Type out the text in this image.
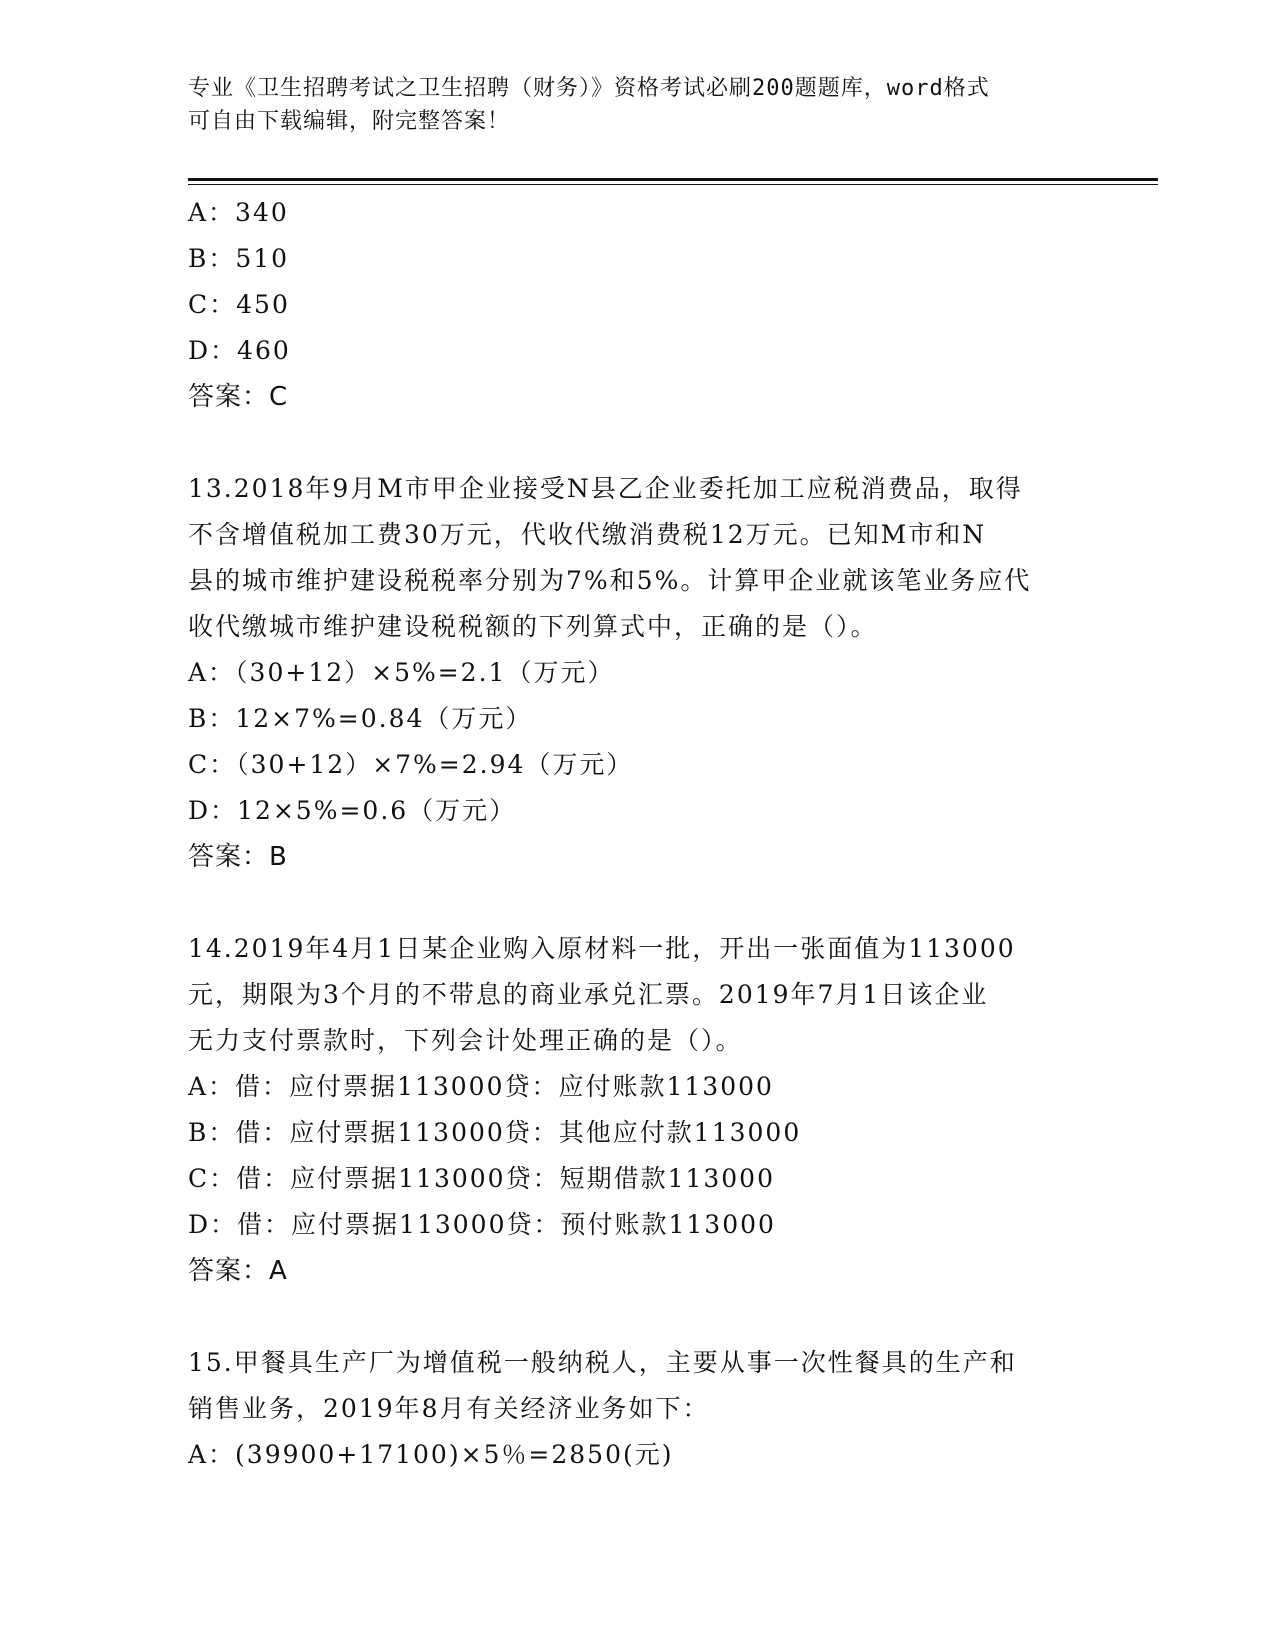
专业《卫生招聘考试之卫生招聘（财务）》资格考试必刷200题题库，word格式
可自由下载编辑，附完整答案！
A：340
B：510
C：450
D：460
答案：C
13.2018年9月M市甲企业接受N县乙企业委托加工应税消费品，取得
不含增值税加工费30万元，代收代缴消费税12万元。已知M市和N
县的城市维护建设税税率分别为7%和5%。计算甲企业就该笔业务应代
收代缴城市维护建设税税额的下列算式中，正确的是（）。
A：（30+12）×5%=2.1（万元）
B：12×7%=0.84（万元）
C：（30+12）×7%=2.94（万元）
D：12×5%=0.6（万元）
答案：B
14.2019年4月1日某企业购入原材料一批，开出一张面值为113000
元，期限为3个月的不带息的商业承兑汇票。2019年7月1日该企业
无力支付票款时，下列会计处理正确的是（）。
A：借：应付票据113000贷：应付账款113000
B：借：应付票据113000贷：其他应付款113000
C：借：应付票据113000贷：短期借款113000
D：借：应付票据113000贷：预付账款113000
答案：A
15.甲餐具生产厂为增值税一般纳税人，主要从事一次性餐具的生产和
销售业务，2019年8月有关经济业务如下：
A：(39900+17100)×5％=2850(元)
